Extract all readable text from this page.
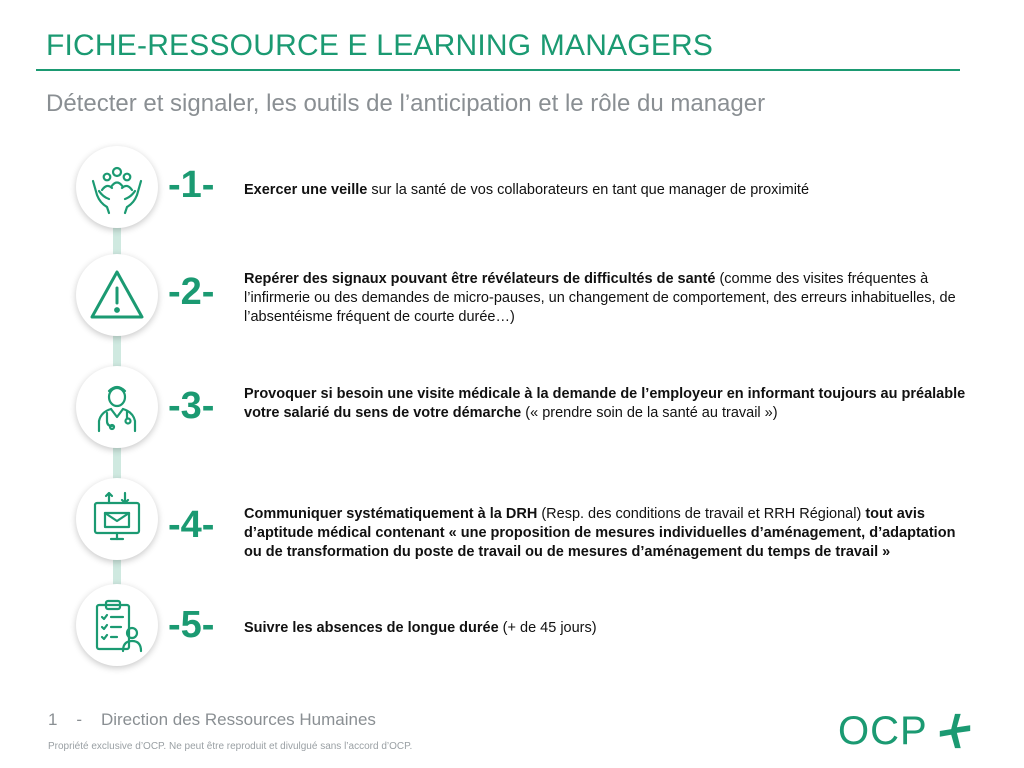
FICHE-RESSOURCE E LEARNING MANAGERS
Détecter et signaler, les outils de l’anticipation et le rôle du manager
-1-	Exercer une veille sur la santé de vos collaborateurs en tant que manager de proximité
-2-	Repérer des signaux pouvant être révélateurs de difficultés de santé (comme des visites fréquentes à l’infirmerie ou des demandes de micro-pauses, un changement de comportement, des erreurs inhabituelles, de l’absentéisme fréquent de courte durée…)
-3-	Provoquer si besoin une visite médicale à la demande de l’employeur en informant toujours au préalable votre salarié du sens de votre démarche (« prendre soin de la santé au travail »)
-4-	Communiquer systématiquement à la DRH (Resp. des conditions de travail et RRH Régional) tout avis d’aptitude médical contenant « une proposition de mesures individuelles d’aménagement, d’adaptation ou de transformation du poste de travail ou de mesures d’aménagement du temps de travail »
-5-	Suivre les absences de longue durée (+ de 45 jours)
1 - Direction des Ressources Humaines
Propriété exclusive d’OCP. Ne peut être reproduit et divulgué sans l’accord d’OCP.	OCP
